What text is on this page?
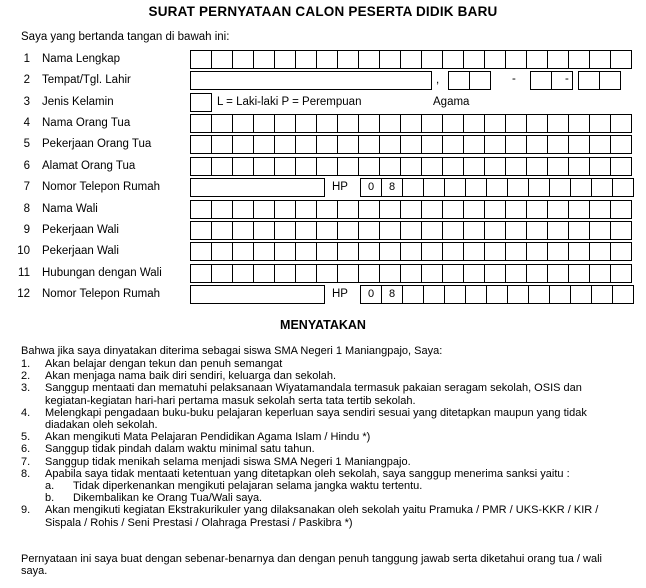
SURAT PERNYATAAN CALON PESERTA DIDIK BARU
Saya yang bertanda tangan di bawah ini:
1 Nama Lengkap
2 Tempat/Tgl. Lahir	,	-	-
3 Jenis Kelamin	L = Laki-laki P = Perempuan	Agama
4 Nama Orang Tua
5 Pekerjaan Orang Tua
6 Alamat Orang Tua
7 Nomor Telepon Rumah	HP	0	8
8 Nama Wali
9 Pekerjaan Wali
10 Pekerjaan Wali
11 Hubungan dengan Wali
12 Nomor Telepon Rumah	HP	0	8
MENYATAKAN
Bahwa jika saya dinyatakan diterima sebagai siswa SMA Negeri 1 Maniangpajo, Saya:
1. Akan belajar dengan tekun dan penuh semangat
2. Akan menjaga nama baik diri sendiri, keluarga dan sekolah.
3. Sanggup mentaati dan mematuhi pelaksanaan Wiyatamandala termasuk pakaian seragam sekolah, OSIS dan kegiatan-kegiatan hari-hari pertama masuk sekolah serta tata tertib sekolah.
4. Melengkapi pengadaan buku-buku pelajaran keperluan saya sendiri sesuai yang ditetapkan maupun yang tidak diadakan oleh sekolah.
5. Akan mengikuti Mata Pelajaran Pendidikan Agama Islam / Hindu *)
6. Sanggup tidak pindah dalam waktu minimal satu tahun.
7. Sanggup tidak menikah selama menjadi siswa SMA Negeri 1 Maniangpajo.
8. Apabila saya tidak mentaati ketentuan yang ditetapkan oleh sekolah, saya sanggup menerima sanksi yaitu :
a. Tidak diperkenankan mengikuti pelajaran selama jangka waktu tertentu.
b. Dikembalikan ke Orang Tua/Wali saya.
9. Akan mengikuti kegiatan Ekstrakurikuler yang dilaksanakan oleh sekolah yaitu Pramuka / PMR / UKS-KKR / KIR / Sispala / Rohis / Seni Prestasi / Olahraga Prestasi / Paskibra *)
Pernyataan ini saya buat dengan sebenar-benarnya dan dengan penuh tanggung jawab serta diketahui orang tua / wali saya.
